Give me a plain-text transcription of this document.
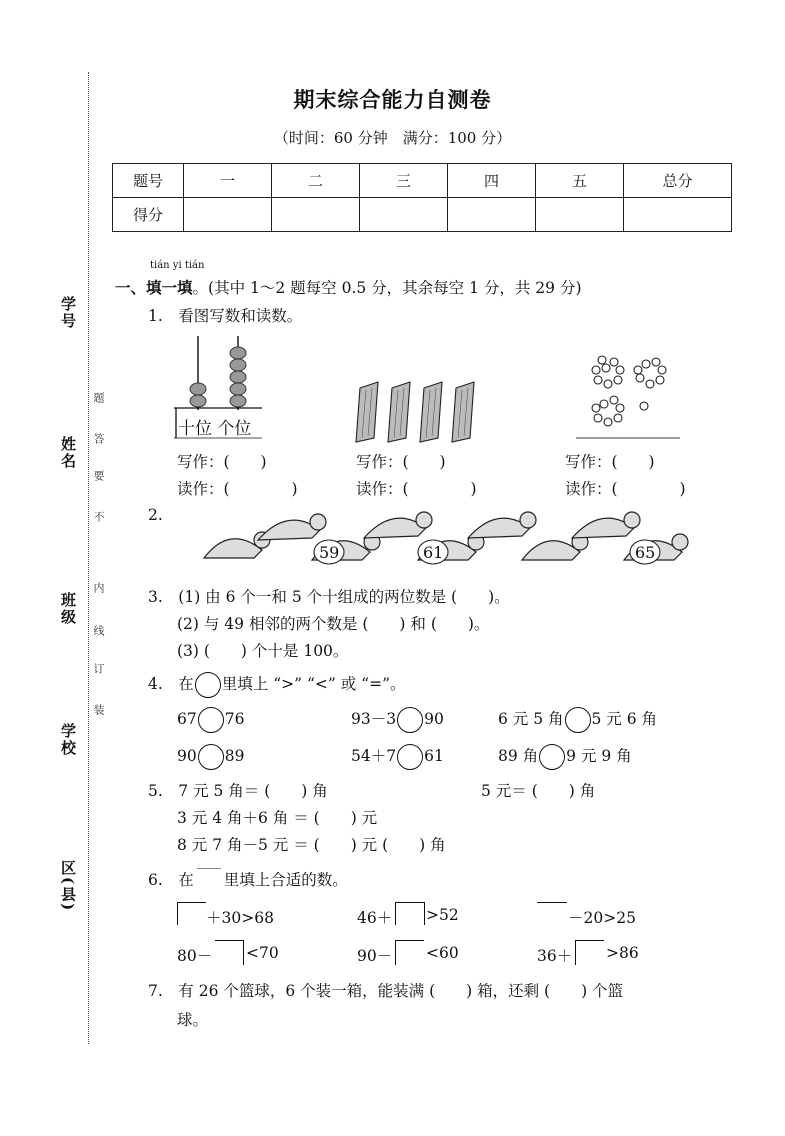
学号
姓名
班级
学校
区(县)
题
答
要
不
内
线
订
装
期末综合能力自测卷
（时间：60 分钟　满分：100 分）
题号	一	二	三	四	五	总分
得分						
tián yi tián
一、填一填。(其中 1～2 题每空 0.5 分，其余每空 1 分，共 29 分)
1.　看图写数和读数。
十位 个位
写作：(　　)	写作：(　　)	写作：(　　)
读作：(　　　　)	读作：(　　　　)	读作：(　　　　)
2.
59	61	65
3.　(1) 由 6 个一和 5 个十组成的两位数是 (　　)。
(2) 与 49 相邻的两个数是 (　　) 和 (　　)。
(3) (　　) 个十是 100。
4.　在 里填上 “>” “<” 或 “=”。
67 76	93－3 90	6 元 5 角 5 元 6 角
90 89	54＋7 61	89 角 9 元 9 角
5.　7 元 5 角＝ (　　) 角	5 元＝ (　　) 角
3 元 4 角＋6 角 ＝ (　　) 元
8 元 7 角－5 元 ＝ (　　) 元 (　　) 角
6.　在 里填上合适的数。
＋30>68	46＋ >52	－20>25
80－ <70	90－ <60	36＋ >86
7.　有 26 个篮球，6 个装一箱，能装满 (　　) 箱，还剩 (　　) 个篮
球。
